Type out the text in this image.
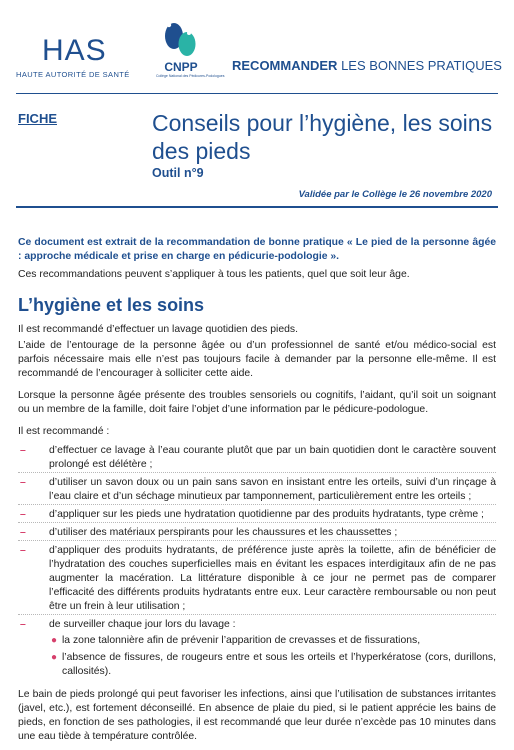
HAS
HAUTE AUTORITÉ DE SANTÉ
CNPP
Collège National des Pédicures-Podologues
RECOMMANDER LES BONNES PRATIQUES
FICHE	Conseils pour l’hygiène, les soins des pieds
Outil n°9
Validée par le Collège le 26 novembre 2020
Ce document est extrait de la recommandation de bonne pratique « Le pied de la personne âgée : approche médicale et prise en charge en pédicurie-podologie ».
Ces recommandations peuvent s’appliquer à tous les patients, quel que soit leur âge.
L’hygiène et les soins
Il est recommandé d’effectuer un lavage quotidien des pieds.
L’aide de l’entourage de la personne âgée ou d’un professionnel de santé et/ou médico-social est parfois nécessaire mais elle n’est pas toujours facile à demander par la personne elle-même. Il est recommandé de l’encourager à solliciter cette aide.
Lorsque la personne âgée présente des troubles sensoriels ou cognitifs, l’aidant, qu’il soit un soignant ou un membre de la famille, doit faire l’objet d’une information par le pédicure-podologue.
Il est recommandé :
– d’effectuer ce lavage à l’eau courante plutôt que par un bain quotidien dont le caractère souvent prolongé est délétère ;
– d’utiliser un savon doux ou un pain sans savon en insistant entre les orteils, suivi d’un rinçage à l’eau claire et d’un séchage minutieux par tamponnement, particulièrement entre les orteils ;
– d’appliquer sur les pieds une hydratation quotidienne par des produits hydratants, type crème ;
– d’utiliser des matériaux perspirants pour les chaussures et les chaussettes ;
– d’appliquer des produits hydratants, de préférence juste après la toilette, afin de bénéficier de l’hydratation des couches superficielles mais en évitant les espaces interdigitaux afin de ne pas augmenter la macération. La littérature disponible à ce jour ne permet pas de comparer l’efficacité des différents produits hydratants entre eux. Leur caractère remboursable ou non peut être un frein à leur utilisation ;
– de surveiller chaque jour lors du lavage :
● la zone talonnière afin de prévenir l’apparition de crevasses et de fissurations,
● l’absence de fissures, de rougeurs entre et sous les orteils et l’hyperkératose (cors, durillons, callosités).
Le bain de pieds prolongé qui peut favoriser les infections, ainsi que l’utilisation de substances irritantes (javel, etc.), est fortement déconseillé. En absence de plaie du pied, si le patient apprécie les bains de pieds, en fonction de ses pathologies, il est recommandé que leur durée n’excède pas 10 minutes dans une eau tiède à température contrôlée.
